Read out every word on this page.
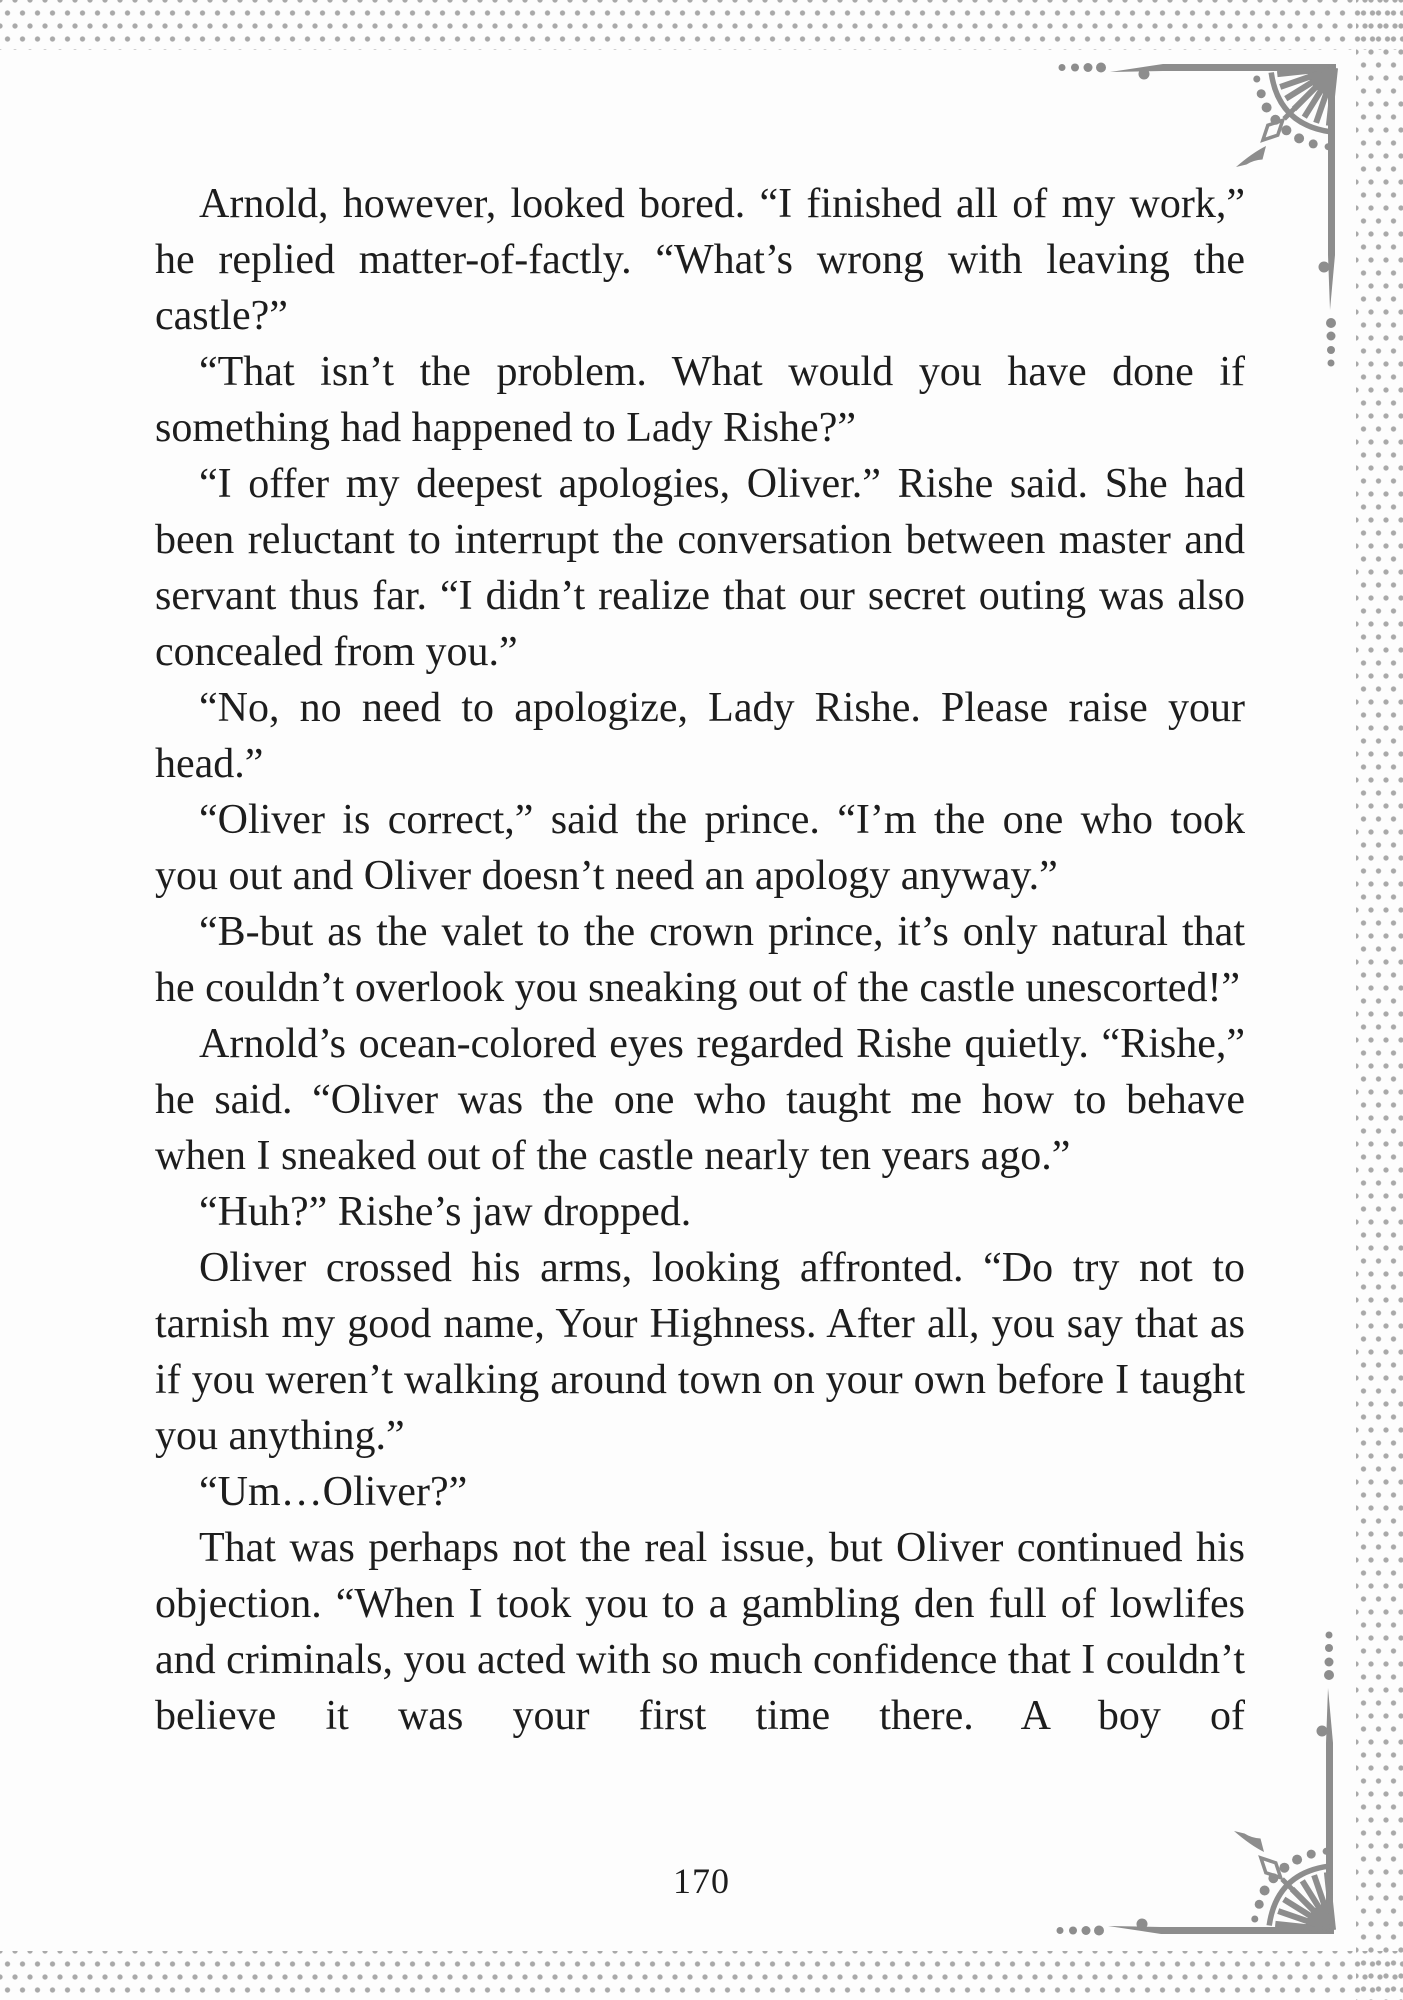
Arnold, however, looked bored. “I finished all of my work,” he replied matter-of-factly. “What’s wrong with leaving the castle?”

“That isn’t the problem. What would you have done if something had happened to Lady Rishe?”

“I offer my deepest apologies, Oliver.” Rishe said. She had been reluctant to interrupt the conversation between master and servant thus far. “I didn’t realize that our secret outing was also concealed from you.”

“No, no need to apologize, Lady Rishe. Please raise your head.”

“Oliver is correct,” said the prince. “I’m the one who took you out and Oliver doesn’t need an apology anyway.”

“B-but as the valet to the crown prince, it’s only natural that he couldn’t overlook you sneaking out of the castle unescorted!”

Arnold’s ocean-colored eyes regarded Rishe quietly. “Rishe,” he said. “Oliver was the one who taught me how to behave when I sneaked out of the castle nearly ten years ago.”

“Huh?” Rishe’s jaw dropped.

Oliver crossed his arms, looking affronted. “Do try not to tarnish my good name, Your Highness. After all, you say that as if you weren’t walking around town on your own before I taught you anything.”

“Um…Oliver?”

That was perhaps not the real issue, but Oliver continued his objection. “When I took you to a gambling den full of lowlifes and criminals, you acted with so much confidence that I couldn’t believe it was your first time there. A boy of

170
